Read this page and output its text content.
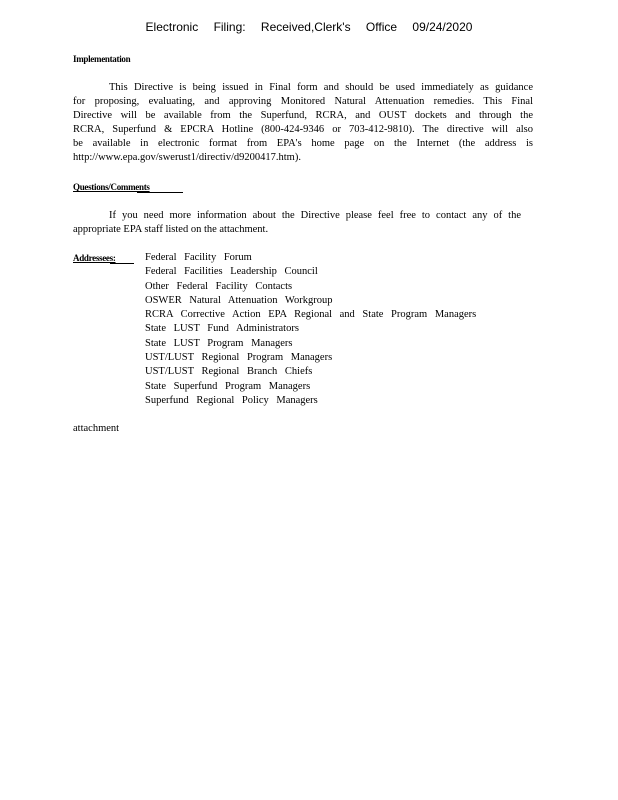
Electronic Filing: Received,Clerk's Office 09/24/2020
Implementation
This Directive is being issued in Final form and should be used immediately as guidance
for proposing, evaluating, and approving Monitored Natural Attenuation remedies. This Final
Directive will be available from the Superfund, RCRA, and OUST dockets and through the
RCRA, Superfund & EPCRA Hotline (800-424-9346 or 703-412-9810). The directive will also
be available in electronic format from EPA's home page on the Internet (the address is
http://www.epa.gov/swerust1/directiv/d9200417.htm).
Questions/Comments
If you need more information about the Directive please feel free to contact any of the
appropriate EPA staff listed on the attachment.
Addressees:	Federal Facility Forum
Federal Facilities Leadership Council
Other Federal Facility Contacts
OSWER Natural Attenuation Workgroup
RCRA Corrective Action EPA Regional and State Program Managers
State LUST Fund Administrators
State LUST Program Managers
UST/LUST Regional Program Managers
UST/LUST Regional Branch Chiefs
State Superfund Program Managers
Superfund Regional Policy Managers
attachment
